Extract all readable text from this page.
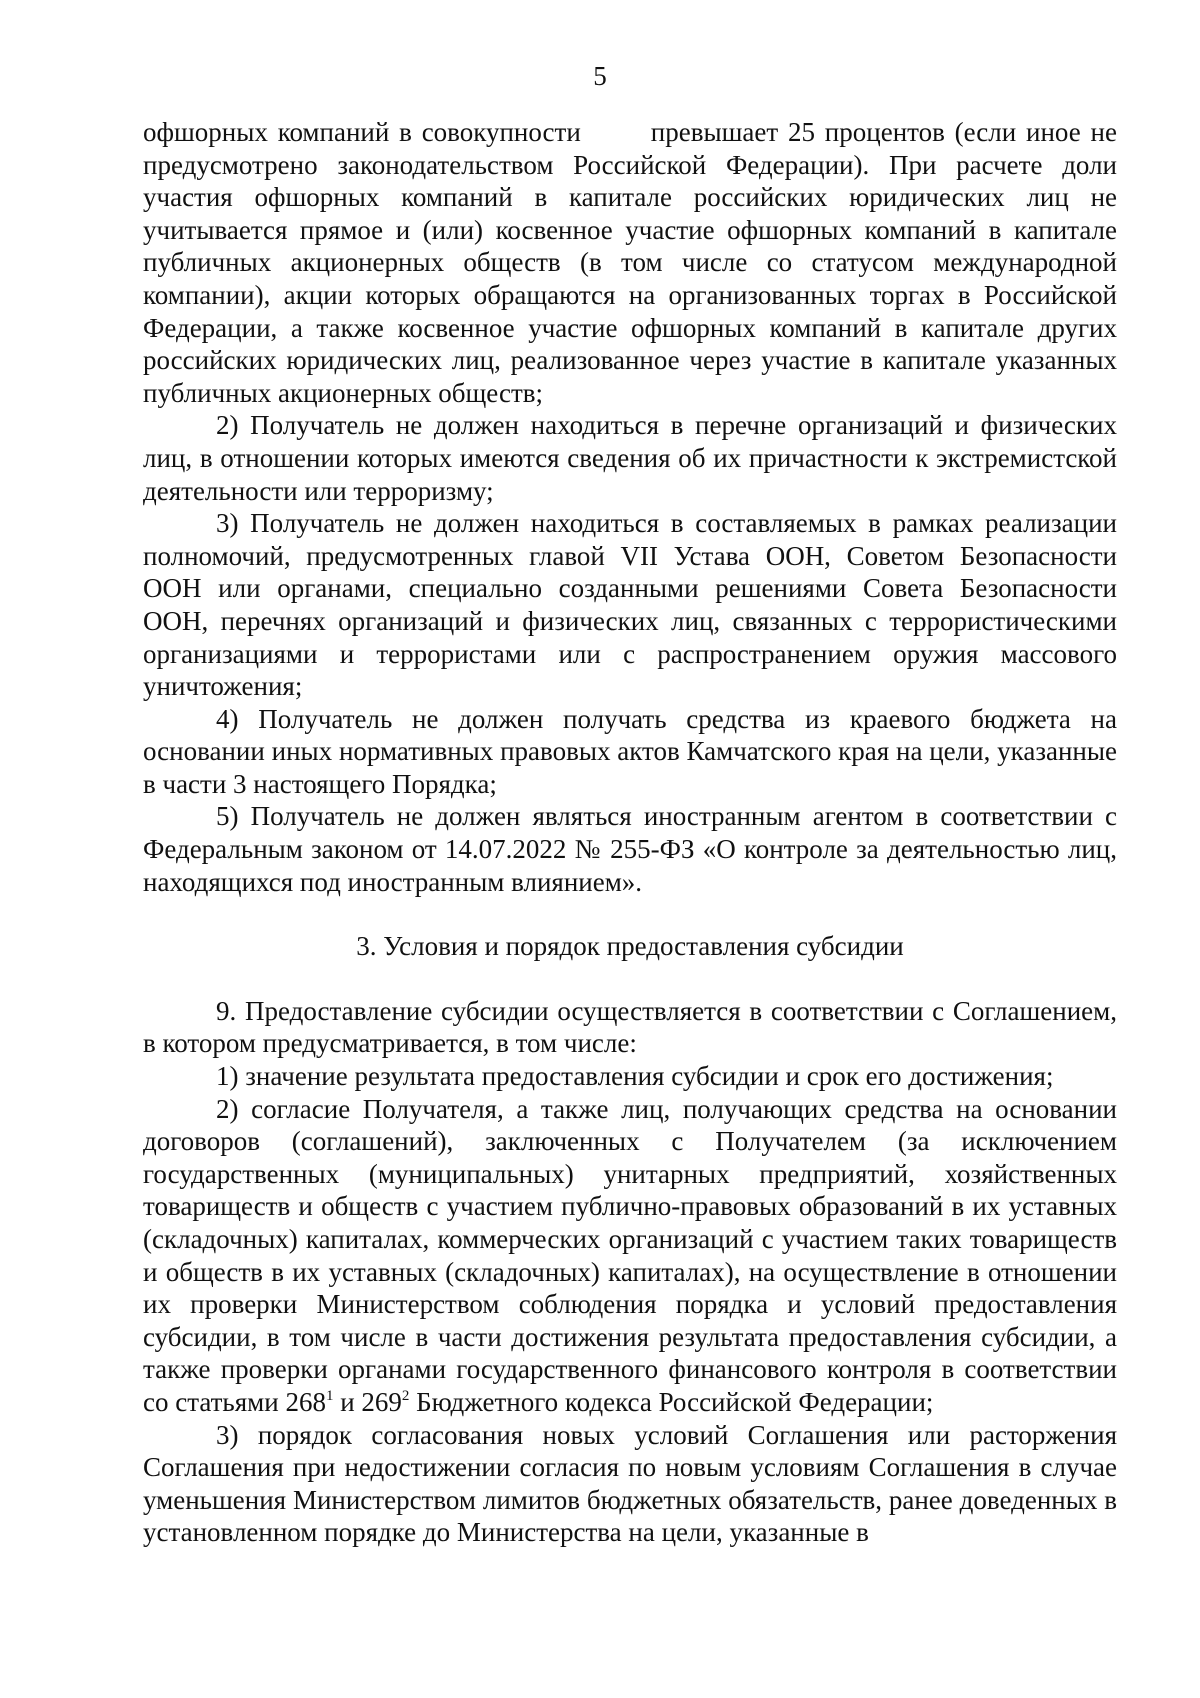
5

офшорных компаний в совокупности	превышает 25 процентов (если иное не предусмотрено законодательством Российской Федерации). При расчете доли участия офшорных компаний в капитале российских юридических лиц не учитывается прямое и (или) косвенное участие офшорных компаний в капитале публичных акционерных обществ (в том числе со статусом международной компании), акции которых обращаются на организованных торгах в Российской Федерации, а также косвенное участие офшорных компаний в капитале других российских юридических лиц, реализованное через участие в капитале указанных публичных акционерных обществ;

2) Получатель не должен находиться в перечне организаций и физических лиц, в отношении которых имеются сведения об их причастности к экстремистской деятельности или терроризму;

3) Получатель не должен находиться в составляемых в рамках реализации полномочий, предусмотренных главой VII Устава ООН, Советом Безопасности ООН или органами, специально созданными решениями Совета Безопасности ООН, перечнях организаций и физических лиц, связанных с террористическими организациями и террористами или с распространением оружия массового уничтожения;

4) Получатель не должен получать средства из краевого бюджета на основании иных нормативных правовых актов Камчатского края на цели, указанные в части 3 настоящего Порядка;

5) Получатель не должен являться иностранным агентом в соответствии с Федеральным законом от 14.07.2022 № 255-ФЗ «О контроле за деятельностью лиц, находящихся под иностранным влиянием».

3. Условия и порядок предоставления субсидии

9. Предоставление субсидии осуществляется в соответствии с Соглашением, в котором предусматривается, в том числе:

1) значение результата предоставления субсидии и срок его достижения;

2) согласие Получателя, а также лиц, получающих средства на основании договоров (соглашений), заключенных с Получателем (за исключением государственных (муниципальных) унитарных предприятий, хозяйственных товариществ и обществ с участием публично-правовых образований в их уставных (складочных) капиталах, коммерческих организаций с участием таких товариществ и обществ в их уставных (складочных) капиталах), на осуществление в отношении их проверки Министерством соблюдения порядка и условий предоставления субсидии, в том числе в части достижения результата предоставления субсидии, а также проверки органами государственного финансового контроля в соответствии со статьями $268^1$ и $269^2$ Бюджетного кодекса Российской Федерации;

3) порядок согласования новых условий Соглашения или расторжения Соглашения при недостижении согласия по новым условиям Соглашения в случае уменьшения Министерством лимитов бюджетных обязательств, ранее доведенных в установленном порядке до Министерства на цели, указанные в
